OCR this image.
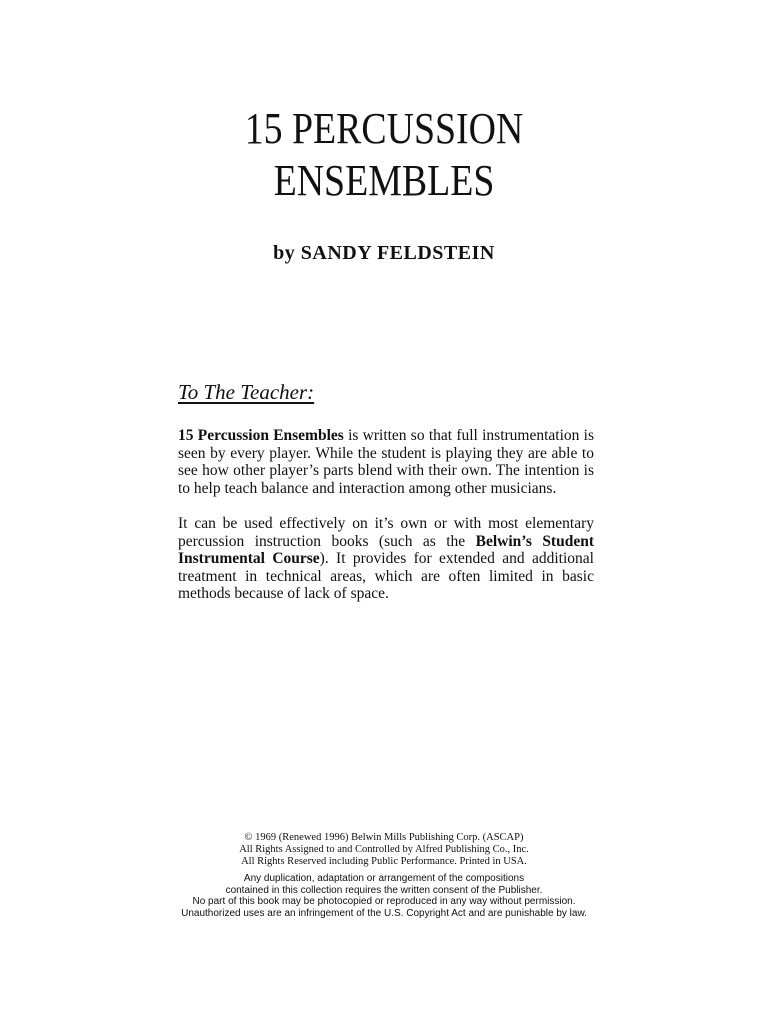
15 PERCUSSION
ENSEMBLES
by SANDY FELDSTEIN
To The Teacher:

15 Percussion Ensembles is written so that full instrumentation is seen by every player. While the student is playing they are able to see how other player’s parts blend with their own. The intention is to help teach balance and interaction among other musicians.

It can be used effectively on it’s own or with most elementary percussion instruction books (such as the Belwin’s Student Instrumental Course). It provides for extended and additional treatment in technical areas, which are often limited in basic methods because of lack of space.

© 1969 (Renewed 1996) Belwin Mills Publishing Corp. (ASCAP)
All Rights Assigned to and Controlled by Alfred Publishing Co., Inc.
All Rights Reserved including Public Performance. Printed in USA.
Any duplication, adaptation or arrangement of the compositions
contained in this collection requires the written consent of the Publisher.
No part of this book may be photocopied or reproduced in any way without permission.
Unauthorized uses are an infringement of the U.S. Copyright Act and are punishable by law.
